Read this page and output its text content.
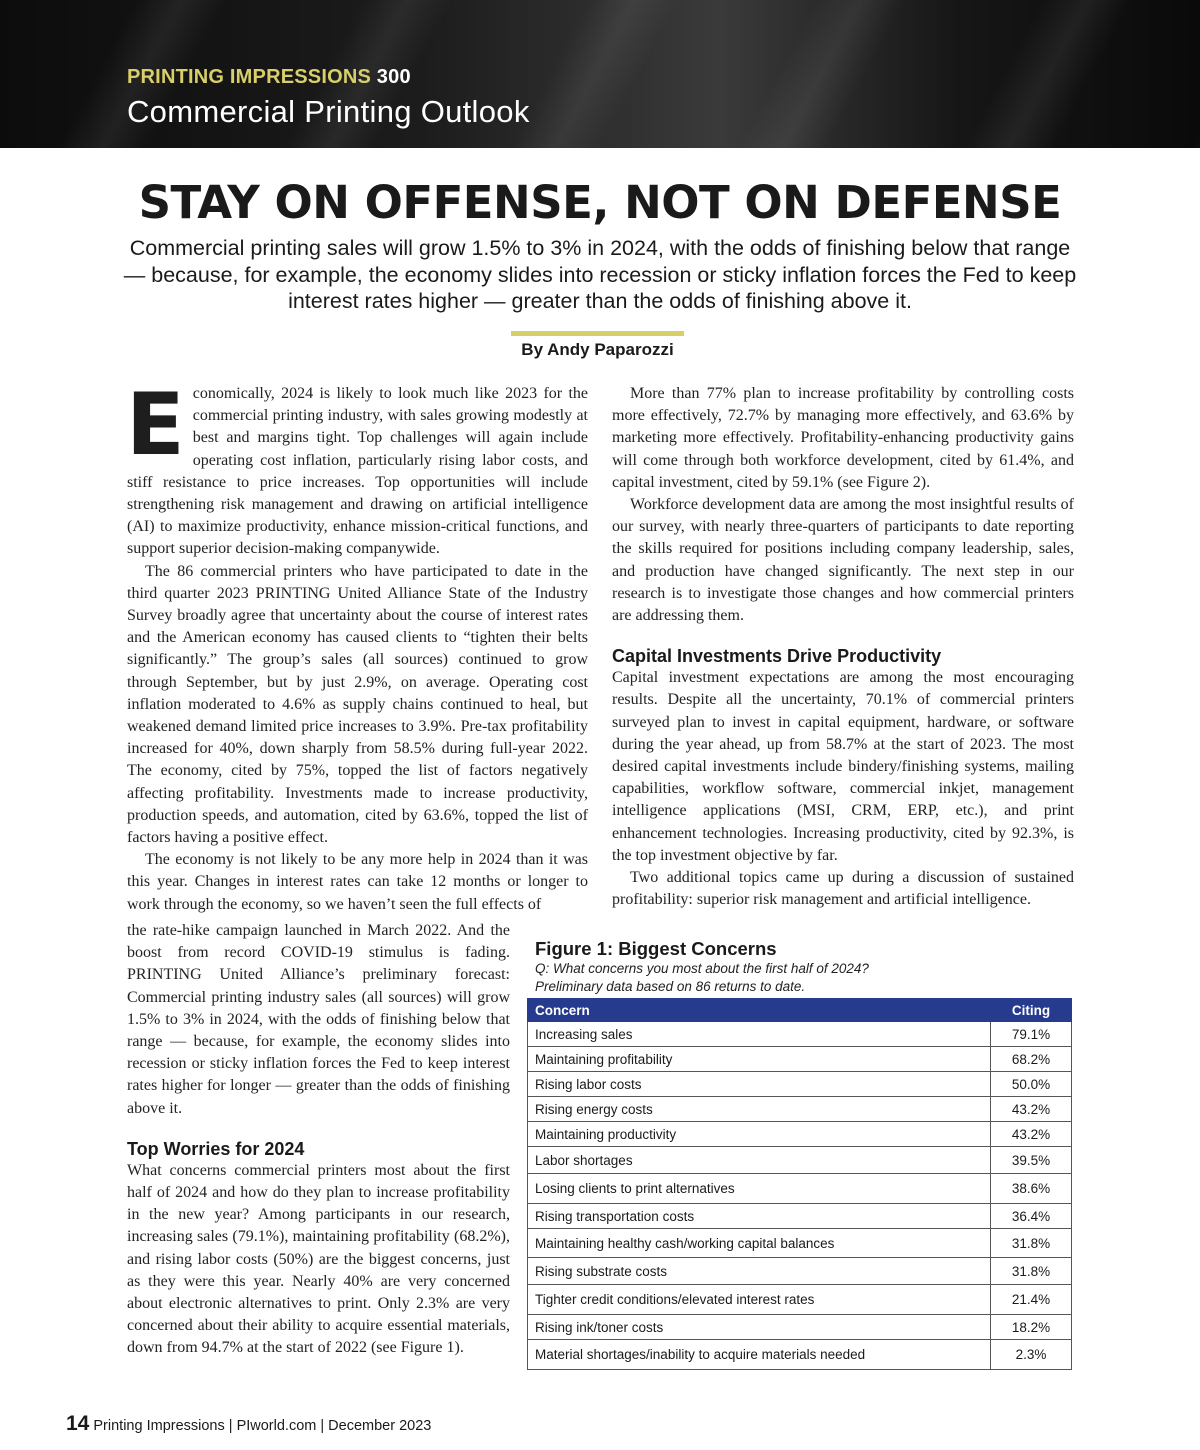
PRINTING IMPRESSIONS 300
Commercial Printing Outlook
STAY ON OFFENSE, NOT ON DEFENSE

Commercial printing sales will grow 1.5% to 3% in 2024, with the odds of finishing below that range — because, for example, the economy slides into recession or sticky inflation forces the Fed to keep interest rates higher — greater than the odds of finishing above it.

By Andy Paparozzi

Economically, 2024 is likely to look much like 2023 for the commercial printing industry, with sales growing modestly at best and margins tight. Top challenges will again include operating cost inflation, particularly rising labor costs, and stiff resistance to price increases. Top opportunities will include strengthening risk management and drawing on artificial intelligence (AI) to maximize productivity, enhance mission-critical functions, and support superior decision-making companywide.

The 86 commercial printers who have participated to date in the third quarter 2023 PRINTING United Alliance State of the Industry Survey broadly agree that uncertainty about the course of interest rates and the American economy has caused clients to “tighten their belts significantly.” The group’s sales (all sources) continued to grow through September, but by just 2.9%, on average. Operating cost inflation moderated to 4.6% as supply chains continued to heal, but weakened demand limited price increases to 3.9%. Pre-tax profitability increased for 40%, down sharply from 58.5% during full-year 2022. The economy, cited by 75%, topped the list of factors negatively affecting profitability. Investments made to increase productivity, production speeds, and automation, cited by 63.6%, topped the list of factors having a positive effect.

The economy is not likely to be any more help in 2024 than it was this year. Changes in interest rates can take 12 months or longer to work through the economy, so we haven’t seen the full effects of

the rate-hike campaign launched in March 2022. And the boost from record COVID-19 stimulus is fading. PRINTING United Alliance’s preliminary forecast: Commercial printing industry sales (all sources) will grow 1.5% to 3% in 2024, with the odds of finishing below that range — because, for example, the economy slides into recession or sticky inflation forces the Fed to keep interest rates higher for longer — greater than the odds of finishing above it.

Top Worries for 2024

What concerns commercial printers most about the first half of 2024 and how do they plan to increase profitability in the new year? Among participants in our research, increasing sales (79.1%), maintaining profitability (68.2%), and rising labor costs (50%) are the biggest concerns, just as they were this year. Nearly 40% are very concerned about electronic alternatives to print. Only 2.3% are very concerned about their ability to acquire essential materials, down from 94.7% at the start of 2022 (see Figure 1).

More than 77% plan to increase profitability by controlling costs more effectively, 72.7% by managing more effectively, and 63.6% by marketing more effectively. Profitability-enhancing productivity gains will come through both workforce development, cited by 61.4%, and capital investment, cited by 59.1% (see Figure 2).

Workforce development data are among the most insightful results of our survey, with nearly three-quarters of participants to date reporting the skills required for positions including company leadership, sales, and production have changed significantly. The next step in our research is to investigate those changes and how commercial printers are addressing them.

Capital Investments Drive Productivity

Capital investment expectations are among the most encouraging results. Despite all the uncertainty, 70.1% of commercial printers surveyed plan to invest in capital equipment, hardware, or software during the year ahead, up from 58.7% at the start of 2023. The most desired capital investments include bindery/finishing systems, mailing capabilities, workflow software, commercial inkjet, management intelligence applications (MSI, CRM, ERP, etc.), and print enhancement technologies. Increasing productivity, cited by 92.3%, is the top investment objective by far.

Two additional topics came up during a discussion of sustained profitability: superior risk management and artificial intelligence.

Figure 1: Biggest Concerns
Q: What concerns you most about the first half of 2024?
Preliminary data based on 86 returns to date.
Concern	Citing
Increasing sales	79.1%
Maintaining profitability	68.2%
Rising labor costs	50.0%
Rising energy costs	43.2%
Maintaining productivity	43.2%
Labor shortages	39.5%
Losing clients to print alternatives	38.6%
Rising transportation costs	36.4%
Maintaining healthy cash/working capital balances	31.8%
Rising substrate costs	31.8%
Tighter credit conditions/elevated interest rates	21.4%
Rising ink/toner costs	18.2%
Material shortages/inability to acquire materials needed	2.3%
14 Printing Impressions | PIworld.com | December 2023
